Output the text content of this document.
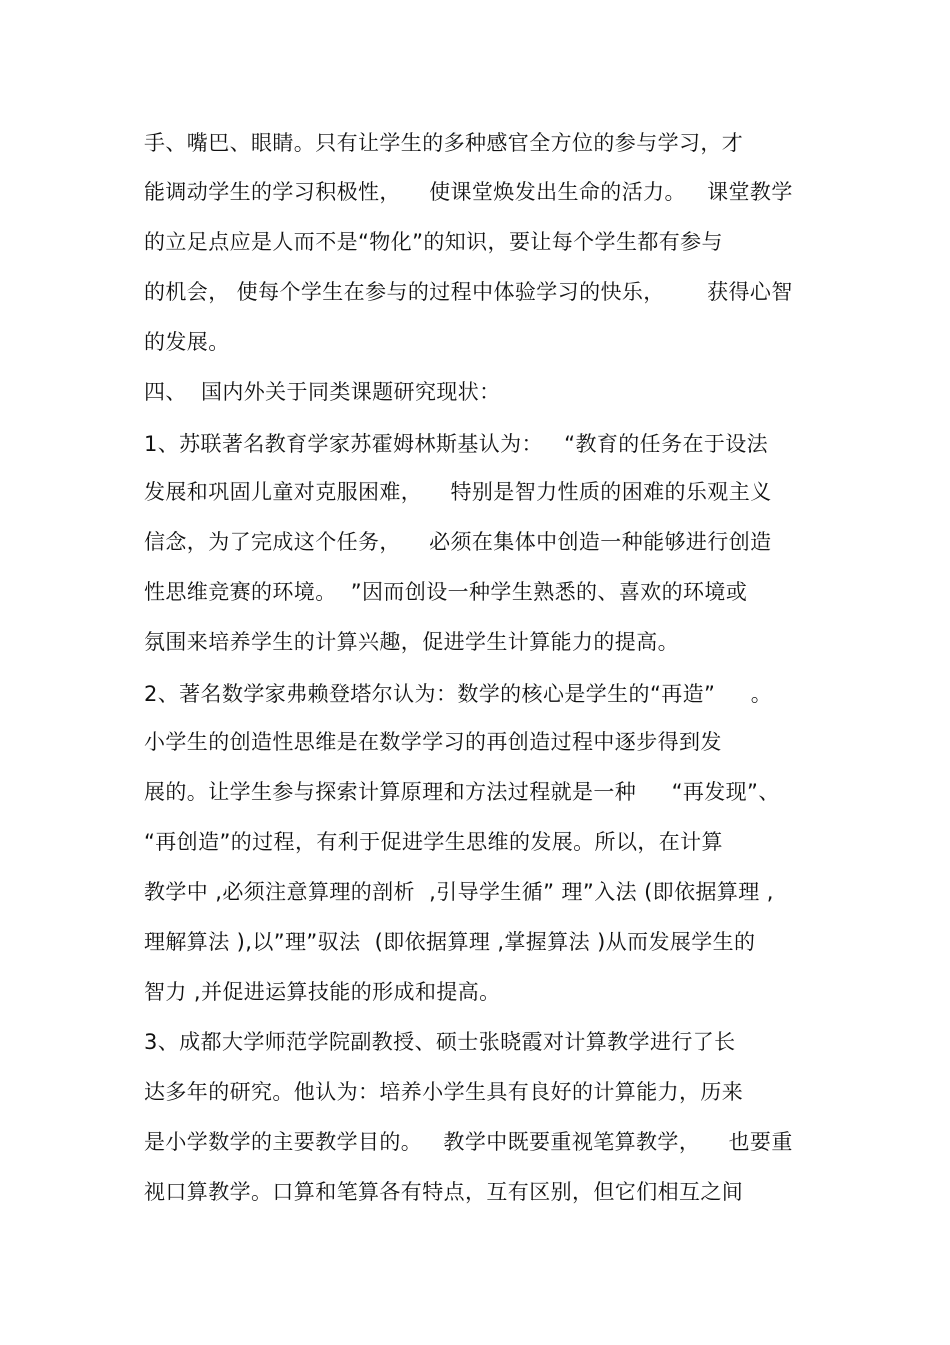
手、嘴巴、眼睛。只有让学生的多种感官全方位的参与学习，才
能调动学生的学习积极性，    使课堂焕发出生命的活力。   课堂教学
的立足点应是人而不是“物化”的知识，要让每个学生都有参与
的机会， 使每个学生在参与的过程中体验学习的快乐，      获得心智
的发展。
四、  国内外关于同类课题研究现状：
1、苏联著名教育学家苏霍姆林斯基认为：   “教育的任务在于设法
发展和巩固儿童对克服困难，    特别是智力性质的困难的乐观主义
信念，为了完成这个任务，    必须在集体中创造一种能够进行创造
性思维竞赛的环境。  ”因而创设一种学生熟悉的、喜欢的环境或
氛围来培养学生的计算兴趣，促进学生计算能力的提高。
2、著名数学家弗赖登塔尔认为：数学的核心是学生的“再造”     。
小学生的创造性思维是在数学学习的再创造过程中逐步得到发
展的。让学生参与探索计算原理和方法过程就是一种     “再发现”、
“再创造”的过程，有利于促进学生思维的发展。所以，在计算
教学中 ,必须注意算理的剖析  ,引导学生循” 理”入法 (即依据算理 ,
理解算法 ),以”理”驭法  (即依据算理 ,掌握算法 )从而发展学生的
智力 ,并促进运算技能的形成和提高。
3、成都大学师范学院副教授、硕士张晓霞对计算教学进行了长
达多年的研究。他认为：培养小学生具有良好的计算能力，历来
是小学数学的主要教学目的。   教学中既要重视笔算教学，    也要重
视口算教学。口算和笔算各有特点，互有区别，但它们相互之间
